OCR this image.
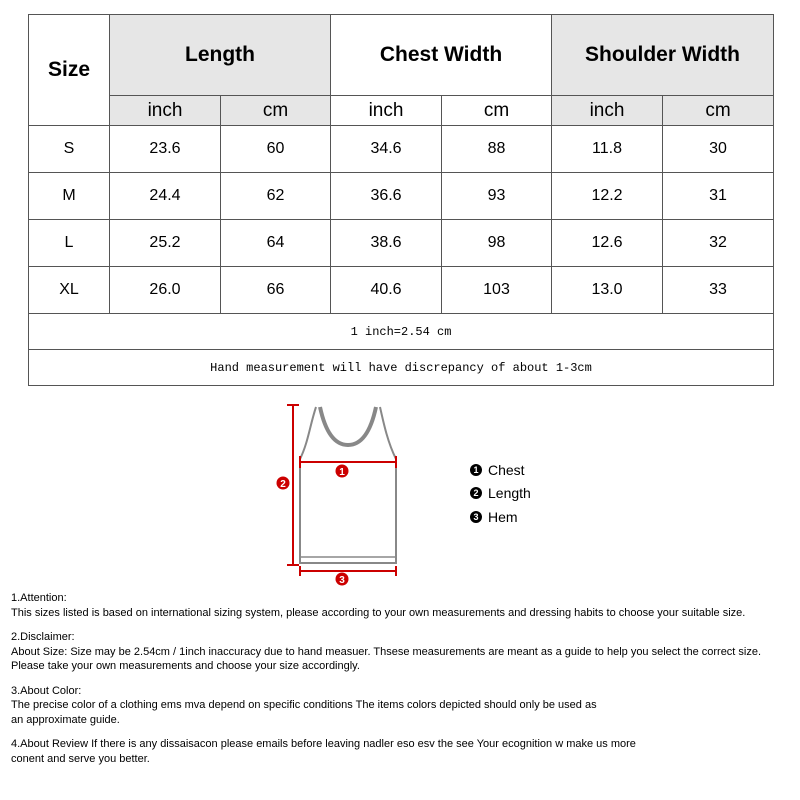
Size	Length		Chest Width		Shoulder Width	
	inch	cm	inch	cm	inch	cm
S	23.6	60	34.6	88	11.8	30
M	24.4	62	36.6	93	12.2	31
L	25.2	64	38.6	98	12.6	32
XL	26.0	66	40.6	103	13.0	33
1 inch=2.54 cm						
Hand measurement will have discrepancy of about 1-3cm						
1
2
3
1 Chest
2 Length
3 Hem
1.Attention:
This sizes listed is based on international sizing system, please according to your own measurements and dressing habits to choose your suitable size.
2.Disclaimer:
About Size: Size may be 2.54cm / 1inch inaccuracy due to hand measuer. Thsese measurements are meant as a guide to help you select the correct size.
Please take your own measurements and choose your size accordingly.
3.About Color:
The precise color of a clothing ems mva depend on specific conditions The items colors depicted should only be used as
an approximate guide.
4.About Review If there is any dissaisacon please emails before leaving nadler eso esv the see Your ecognition w make us more
conent and serve you better.
